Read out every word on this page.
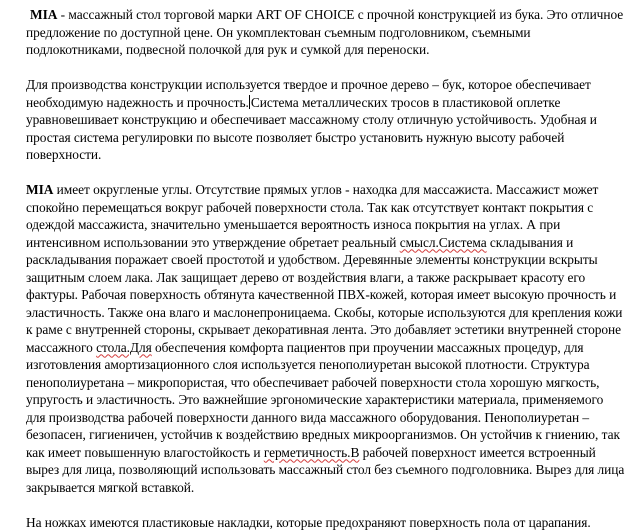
MIA - массажный стол торговой марки ART OF CHOICE с прочной конструкцией из бука. Это отличное предложение по доступной цене. Он укомплектован съемным подголовником, съемными подлокотниками, подвесной полочкой для рук и сумкой для переноски.

Для производства конструкции используется твердое и прочное дерево – бук, которое обеспечивает необходимую надежность и прочность. Система металлических тросов в пластиковой оплетке уравновешивает конструкцию и обеспечивает массажному столу отличную устойчивость. Удобная и простая система регулировки по высоте позволяет быстро установить нужную высоту рабочей поверхности.

MIA имеет округленые углы. Отсутствие прямых углов - находка для массажиста. Массажист может спокойно перемещаться вокруг рабочей поверхности стола. Так как отсутствует контакт покрытия с одеждой массажиста, значительно уменьшается вероятность износа покрытия на углах. А при интенсивном использовании это утверждение обретает реальный смысл.Система складывания и раскладывания поражает своей простотой и удобством. Деревянные элементы конструкции вскрыты защитным слоем лака. Лак защищает дерево от воздействия влаги, а также раскрывает красоту его фактуры. Рабочая поверхность обтянута качественной ПВХ-кожей, которая имеет высокую прочность и эластичность. Также она влаго и маслонепроницаема. Скобы, которые используются для крепления кожи к раме с внутренней стороны, скрывает декоративная лента. Это добавляет эстетики внутренней стороне массажного стола.Для обеспечения комфорта пациентов при проучении массажных процедур, для изготовления амортизационного слоя используется пенополиуретан высокой плотности. Структура пенополиуретана – микропористая, что обеспечивает рабочей поверхности стола хорошую мягкость, упругость и эластичность. Это важнейшие эргономические характеристики материала, применяемого для производства рабочей поверхности данного вида массажного оборудования. Пенополиуретан – безопасен, гигиеничен, устойчив к воздействию вредных микроорганизмов. Он устойчив к гниению, так как имеет повышенную влагостойкость и герметичность.В рабочей поверхност имеется встроенный вырез для лица, позволяющий использовать массажный стол без съемного подголовника. Вырез для лица закрывается мягкой вставкой.

На ножках имеются пластиковые накладки, которые предохраняют поверхность пола от царапания.
